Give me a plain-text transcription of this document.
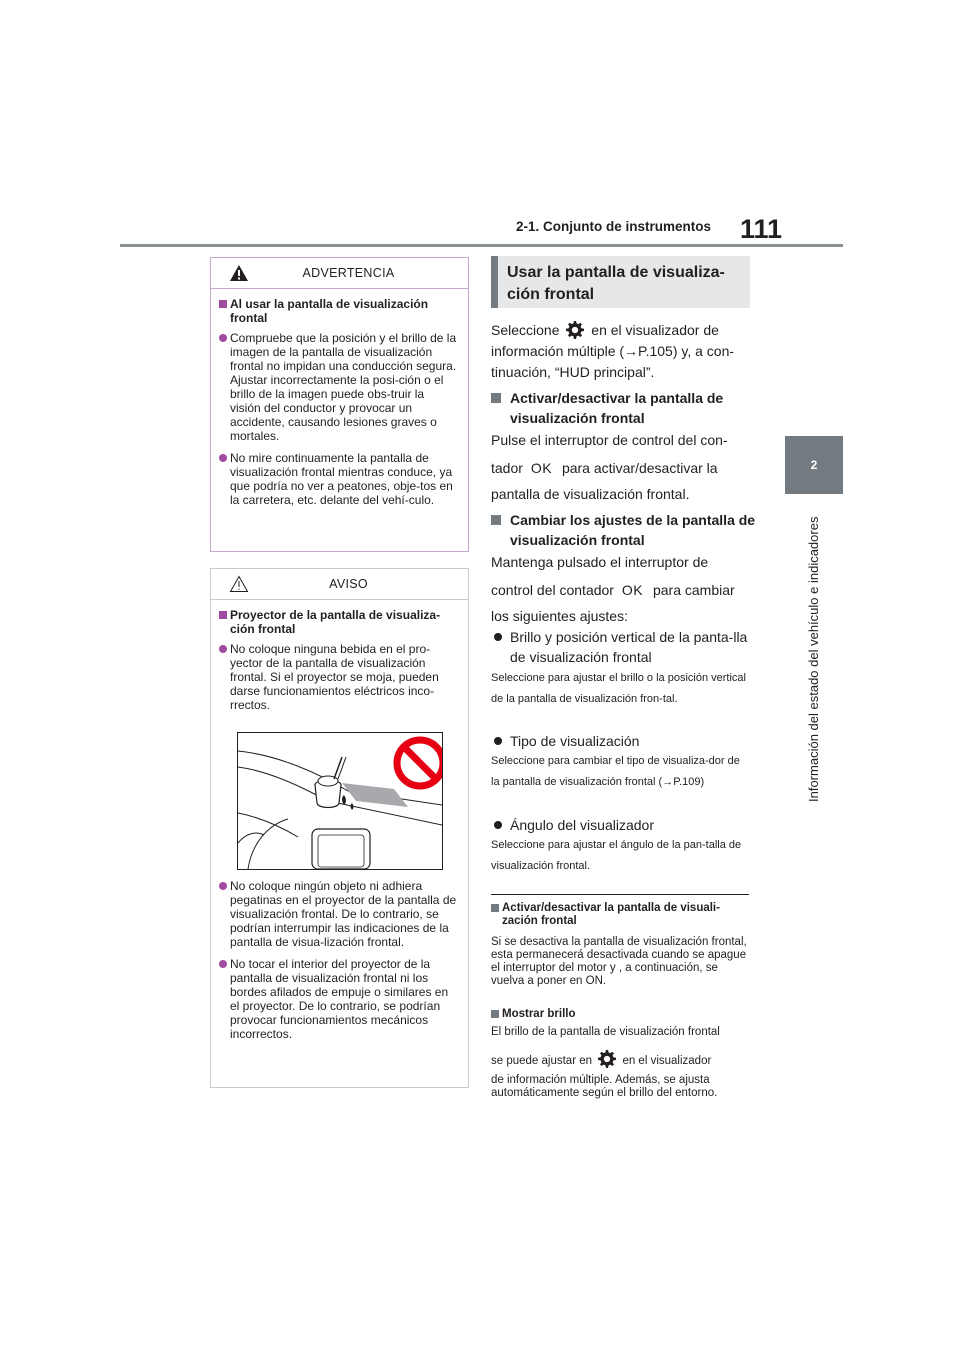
2-1. Conjunto de instrumentos 111
2
Información del estado del vehículo e indicadores
ADVERTENCIA
Al usar la pantalla de visualización frontal
Compruebe que la posición y el brillo de la imagen de la pantalla de visualización frontal no impidan una conducción segura. Ajustar incorrectamente la posi-ción o el brillo de la imagen puede obs-truir la visión del conductor y provocar un accidente, causando lesiones graves o mortales.
No mire continuamente la pantalla de visualización frontal mientras conduce, ya que podría no ver a peatones, obje-tos en la carretera, etc. delante del vehí-culo.
AVISO
Proyector de la pantalla de visualiza-ción frontal
No coloque ninguna bebida en el pro-yector de la pantalla de visualización frontal. Si el proyector se moja, pueden darse funcionamientos eléctricos inco-rrectos.
No coloque ningún objeto ni adhiera pegatinas en el proyector de la pantalla de visualización frontal. De lo contrario, se podrían interrumpir las indicaciones de la pantalla de visua-lización frontal.
No tocar el interior del proyector de la pantalla de visualización frontal ni los bordes afilados de empuje o similares en el proyector. De lo contrario, se podrían provocar funcionamientos mecánicos incorrectos.
Usar la pantalla de visualiza-ción frontal
Seleccione en el visualizador de información múltiple (→P.105) y, a con-tinuación, “HUD principal”.
Activar/desactivar la pantalla de visualización frontal
Pulse el interruptor de control del con-
tador OK para activar/desactivar la
pantalla de visualización frontal.
Cambiar los ajustes de la pantalla de visualización frontal
Mantenga pulsado el interruptor de
control del contador OK para cambiar
los siguientes ajustes:
Brillo y posición vertical de la panta-lla de visualización frontal
Seleccione para ajustar el brillo o la posición vertical de la pantalla de visualización fron-tal.
Tipo de visualización
Seleccione para cambiar el tipo de visualiza-dor de la pantalla de visualización frontal (→P.109)
Ángulo del visualizador
Seleccione para ajustar el ángulo de la pan-talla de visualización frontal.
Activar/desactivar la pantalla de visuali-zación frontal
Si se desactiva la pantalla de visualización frontal, esta permanecerá desactivada cuando se apague el interruptor del motor y , a continuación, se vuelva a poner en ON.
Mostrar brillo
El brillo de la pantalla de visualización frontal
se puede ajustar en	en el visualizador
de información múltiple. Además, se ajusta automáticamente según el brillo del entorno.
